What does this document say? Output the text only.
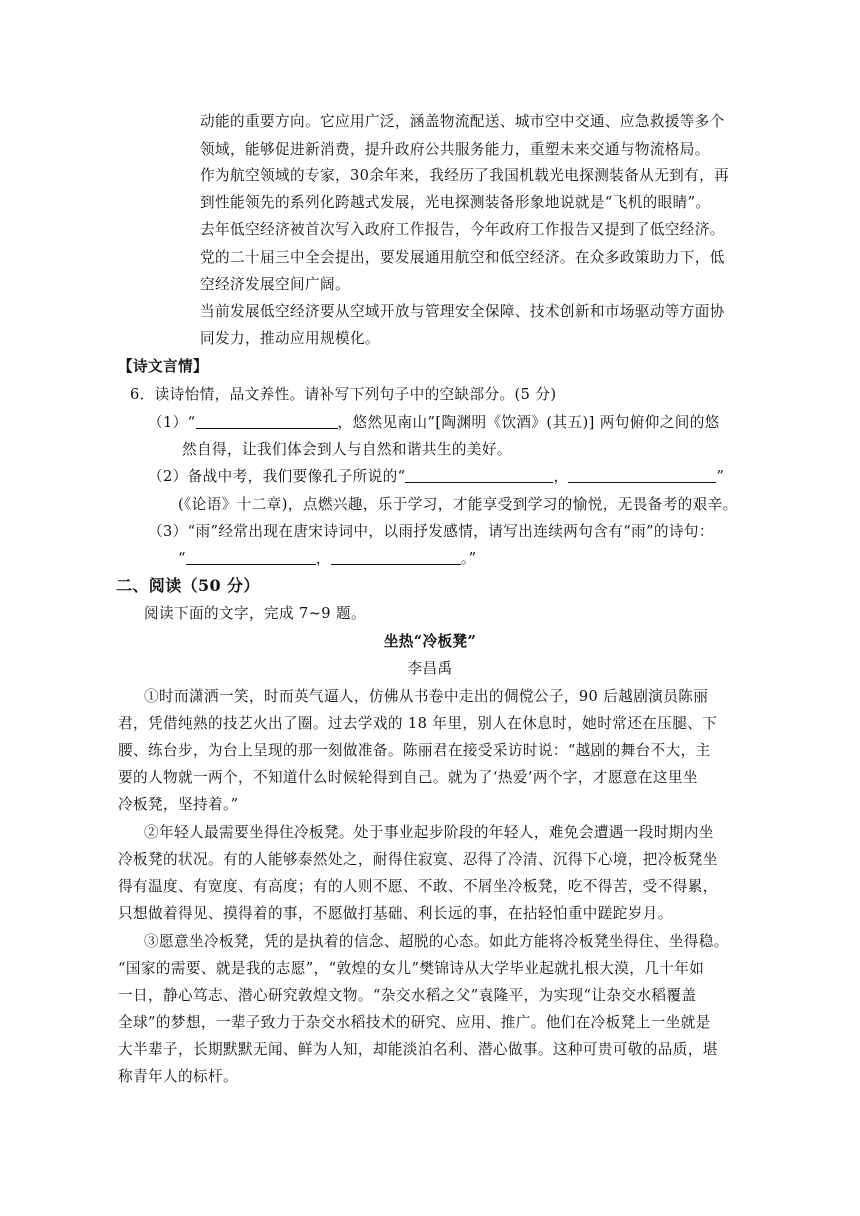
动能的重要方向。它应用广泛，涵盖物流配送、城市空中交通、应急救援等多个
领域，能够促进新消费，提升政府公共服务能力，重塑未来交通与物流格局。
作为航空领域的专家，30余年来，我经历了我国机载光电探测装备从无到有，再
到性能领先的系列化跨越式发展，光电探测装备形象地说就是“飞机的眼睛”。
去年低空经济被首次写入政府工作报告，今年政府工作报告又提到了低空经济。
党的二十届三中全会提出，要发展通用航空和低空经济。在众多政策助力下，低
空经济发展空间广阔。
当前发展低空经济要从空域开放与管理安全保障、技术创新和市场驱动等方面协
同发力，推动应用规模化。
【诗文言情】
6．读诗怡情，品文养性。请补写下列句子中的空缺部分。(5 分)
（1）“	，悠然见南山”[陶渊明《饮酒》(其五)] 两句俯仰之间的悠
然自得，让我们体会到人与自然和谐共生的美好。
（2）备战中考，我们要像孔子所说的“	，	”
(《论语》十二章)，点燃兴趣，乐于学习，才能享受到学习的愉悦，无畏备考的艰辛。
（3）“雨”经常出现在唐宋诗词中，以雨抒发感情，请写出连续两句含有“雨”的诗句：
“	，	。”
二、阅读（50 分）
阅读下面的文字，完成 7~9 题。
坐热“冷板凳”
李昌禹
①时而潇洒一笑，时而英气逼人，仿佛从书卷中走出的倜傥公子，90 后越剧演员陈丽
君，凭借纯熟的技艺火出了圈。过去学戏的 18 年里，别人在休息时，她时常还在压腿、下
腰、练台步，为台上呈现的那一刻做准备。陈丽君在接受采访时说：“越剧的舞台不大，主
要的人物就一两个，不知道什么时候轮得到自己。就为了‘热爱’两个字，才愿意在这里坐
冷板凳，坚持着。”
②年轻人最需要坐得住冷板凳。处于事业起步阶段的年轻人，难免会遭遇一段时期内坐
冷板凳的状况。有的人能够泰然处之，耐得住寂寞、忍得了冷清、沉得下心境，把冷板凳坐
得有温度、有宽度、有高度；有的人则不愿、不敢、不屑坐冷板凳，吃不得苦，受不得累，
只想做着得见、摸得着的事，不愿做打基础、利长远的事，在拈轻怕重中蹉跎岁月。
③愿意坐冷板凳，凭的是执着的信念、超脱的心态。如此方能将冷板凳坐得住、坐得稳。
“国家的需要、就是我的志愿”，“敦煌的女儿”樊锦诗从大学毕业起就扎根大漠，几十年如
一日，静心笃志、潜心研究敦煌文物。“杂交水稻之父”袁隆平，为实现“让杂交水稻覆盖
全球”的梦想，一辈子致力于杂交水稻技术的研究、应用、推广。他们在冷板凳上一坐就是
大半辈子，长期默默无闻、鲜为人知，却能淡泊名利、潜心做事。这种可贵可敬的品质，堪
称青年人的标杆。
